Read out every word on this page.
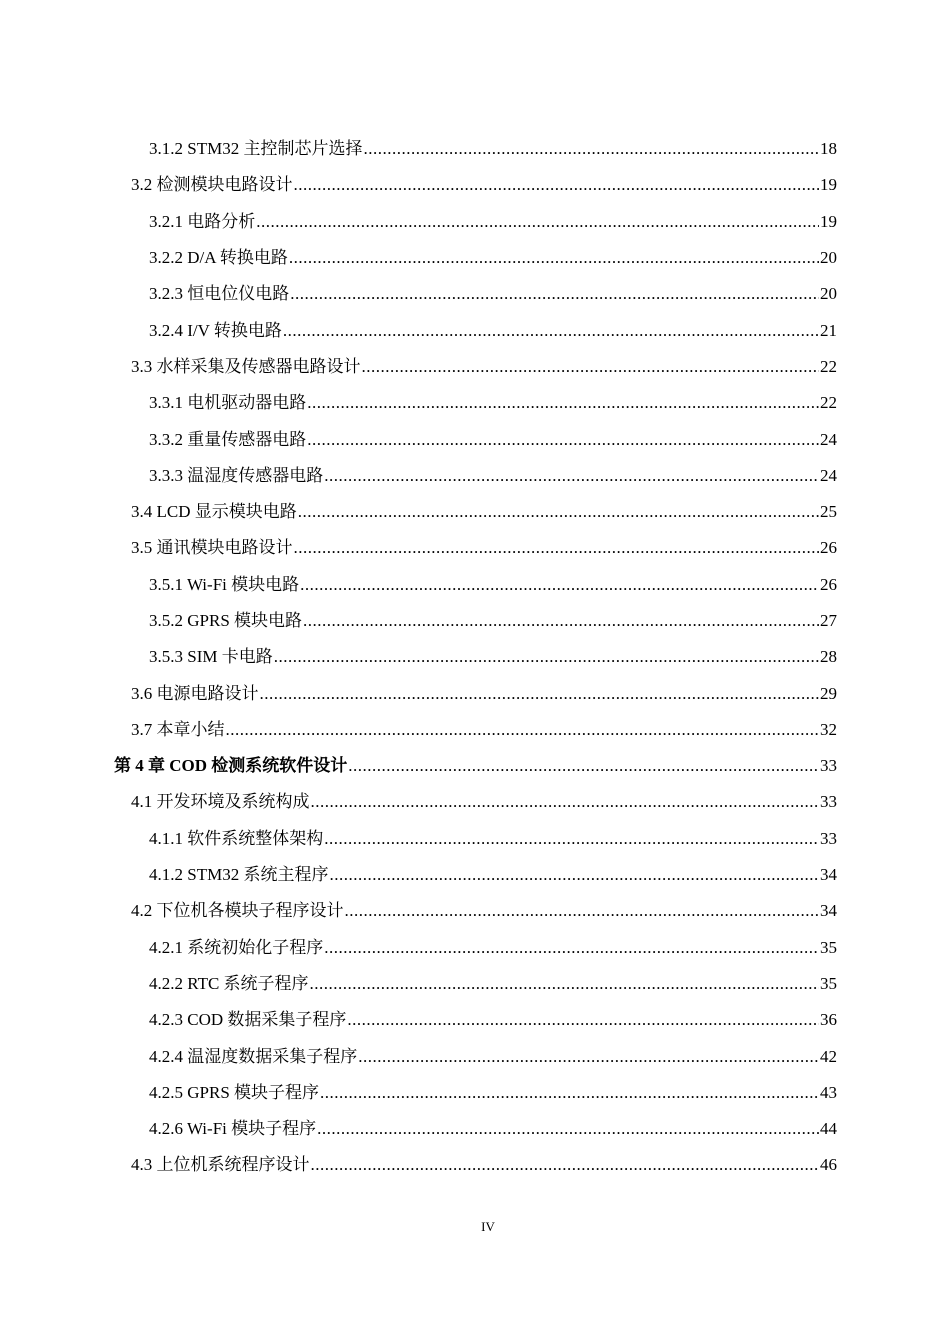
3.1.2 STM32 主控制芯片选择 .....	18
3.2 检测模块电路设计 .....	19
3.2.1 电路分析 .....	19
3.2.2 D/A 转换电路 .....	20
3.2.3 恒电位仪电路 .....	20
3.2.4 I/V 转换电路 .....	21
3.3 水样采集及传感器电路设计 .....	22
3.3.1 电机驱动器电路 .....	22
3.3.2 重量传感器电路 .....	24
3.3.3 温湿度传感器电路 .....	24
3.4 LCD 显示模块电路 .....	25
3.5 通讯模块电路设计 .....	26
3.5.1 Wi-Fi 模块电路 .....	26
3.5.2 GPRS 模块电路 .....	27
3.5.3 SIM 卡电路 .....	28
3.6 电源电路设计 .....	29
3.7 本章小结 .....	32
第 4 章 COD 检测系统软件设计 .....	33
4.1 开发环境及系统构成 .....	33
4.1.1 软件系统整体架构 .....	33
4.1.2 STM32 系统主程序 .....	34
4.2 下位机各模块子程序设计 .....	34
4.2.1 系统初始化子程序 .....	35
4.2.2 RTC 系统子程序 .....	35
4.2.3 COD 数据采集子程序 .....	36
4.2.4 温湿度数据采集子程序 .....	42
4.2.5 GPRS 模块子程序 .....	43
4.2.6 Wi-Fi 模块子程序 .....	44
4.3 上位机系统程序设计 .....	46
IV
